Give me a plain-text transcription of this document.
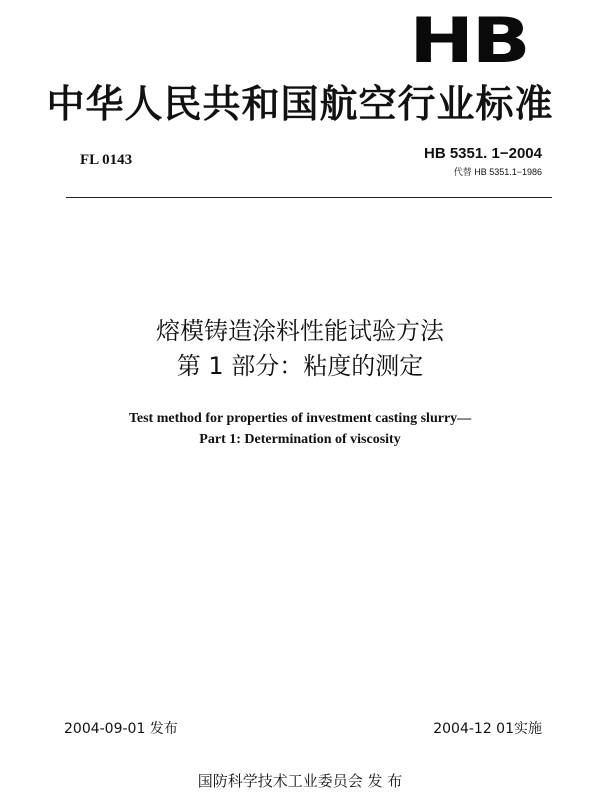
HB
中华人民共和国航空行业标准
FL 0143	HB 5351. 1−2004
代替 HB 5351.1−1986
熔模铸造涂料性能试验方法
第 1 部分：粘度的测定
Test method for properties of investment casting slurry—
Part 1: Determination of viscosity
2004-09-01 发布	2004-12 01实施
国防科学技术工业委员会 发 布
